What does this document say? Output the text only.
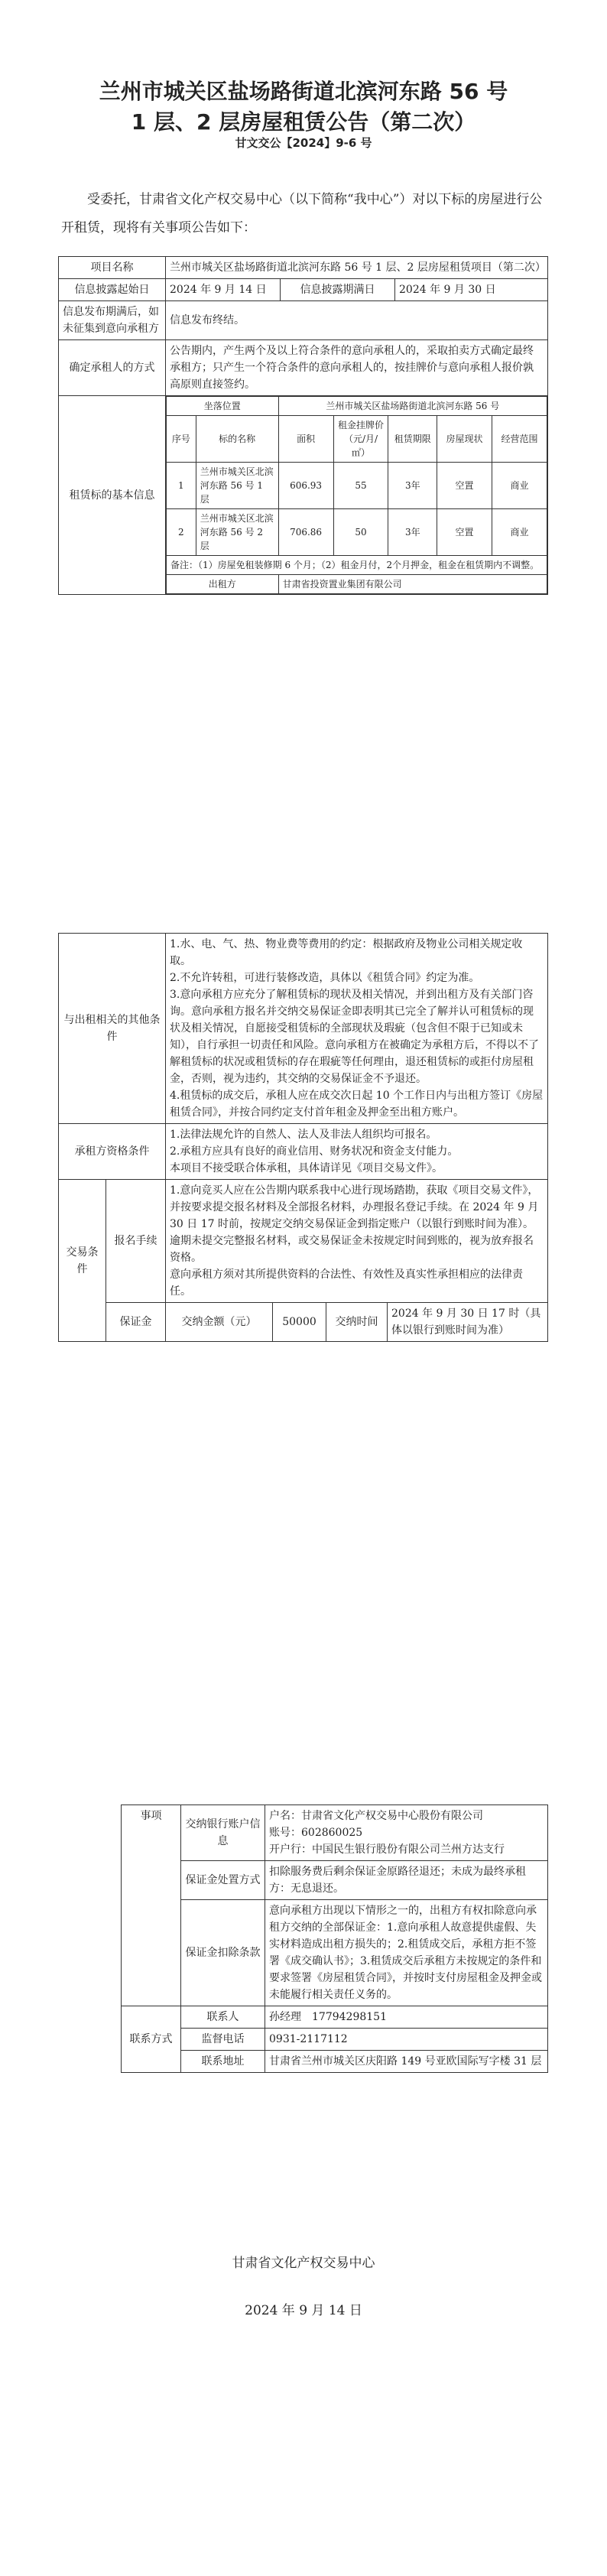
兰州市城关区盐场路街道北滨河东路 56 号
1 层、2 层房屋租赁公告（第二次）
甘文交公【2024】9-6 号
受委托，甘肃省文化产权交易中心（以下简称“我中心”）对以下标的房屋进行公开租赁，现将有关事项公告如下：
项目名称	兰州市城关区盐场路街道北滨河东路 56 号 1 层、2 层房屋租赁项目（第二次）
信息披露起始日	2024 年 9 月 14 日	信息披露期满日	2024 年 9 月 30 日
信息发布期满后，如未征集到意向承租方	信息发布终结。
确定承租人的方式	公告期内，产生两个及以上符合条件的意向承租人的，采取拍卖方式确定最终承租方；只产生一个符合条件的意向承租人的，按挂牌价与意向承租人报价孰高原则直接签约。
租赁标的基本信息	
坐落位置	兰州市城关区盐场路街道北滨河东路 56 号
序号	标的名称	面积	租金挂牌价（元/月/㎡）	租赁期限	房屋现状	经营范围
1	兰州市城关区北滨河东路 56 号 1 层	606.93	55	3年	空置	商业
2	兰州市城关区北滨河东路 56 号 2 层	706.86	50	3年	空置	商业
备注：（1）房屋免租装修期 6 个月；（2）租金月付，2个月押金，租金在租赁期内不调整。
出租方	甘肃省投资置业集团有限公司
与出租相关的其他条件		1.水、电、气、热、物业费等费用的约定：根据政府及物业公司相关规定收取。
2.不允许转租，可进行装修改造，具体以《租赁合同》约定为准。
3.意向承租方应充分了解租赁标的现状及相关情况，并到出租方及有关部门咨询。意向承租方报名并交纳交易保证金即表明其已完全了解并认可租赁标的现状及相关情况，自愿接受租赁标的全部现状及瑕疵（包含但不限于已知或未知），自行承担一切责任和风险。意向承租方在被确定为承租方后，不得以不了解租赁标的状况或租赁标的存在瑕疵等任何理由，退还租赁标的或拒付房屋租金，否则，视为违约，其交纳的交易保证金不予退还。
4.租赁标的成交后，承租人应在成交次日起 10 个工作日内与出租方签订《房屋租赁合同》，并按合同约定支付首年租金及押金至出租方账户。			
承租方资格条件		1.法律法规允许的自然人、法人及非法人组织均可报名。
2.承租方应具有良好的商业信用、财务状况和资金支付能力。
本项目不接受联合体承租，具体请详见《项目交易文件》。			
交易条件	报名手续	1.意向竞买人应在公告期内联系我中心进行现场踏勘，获取《项目交易文件》，并按要求提交报名材料及全部报名材料，办理报名登记手续。在 2024 年 9 月 30 日 17 时前，按规定交纳交易保证金到指定账户（以银行到账时间为准）。逾期未提交完整报名材料，或交易保证金未按规定时间到账的，视为放弃报名资格。
意向承租方须对其所提供资料的合法性、有效性及真实性承担相应的法律责任。			
	保证金	交纳金额（元）	50000	交纳时间	2024 年 9 月 30 日 17 时（具体以银行到账时间为准）
事项	交纳银行账户信息	户名：甘肃省文化产权交易中心股份有限公司
账号：602860025
开户行：中国民生银行股份有限公司兰州方达支行
	保证金处置方式	扣除服务费后剩余保证金原路径退还；未成为最终承租方：无息退还。
	保证金扣除条款	意向承租方出现以下情形之一的，出租方有权扣除意向承租方交纳的全部保证金：1.意向承租人故意提供虚假、失实材料造成出租方损失的；2.租赁成交后，承租方拒不签署《成交确认书》；3.租赁成交后承租方未按规定的条件和要求签署《房屋租赁合同》，并按时支付房屋租金及押金或未能履行相关责任义务的。
联系方式	联系人	孙经理　17794298151
	监督电话	0931-2117112
	联系地址	甘肃省兰州市城关区庆阳路 149 号亚欧国际写字楼 31 层
甘肃省文化产权交易中心
2024 年 9 月 14 日
